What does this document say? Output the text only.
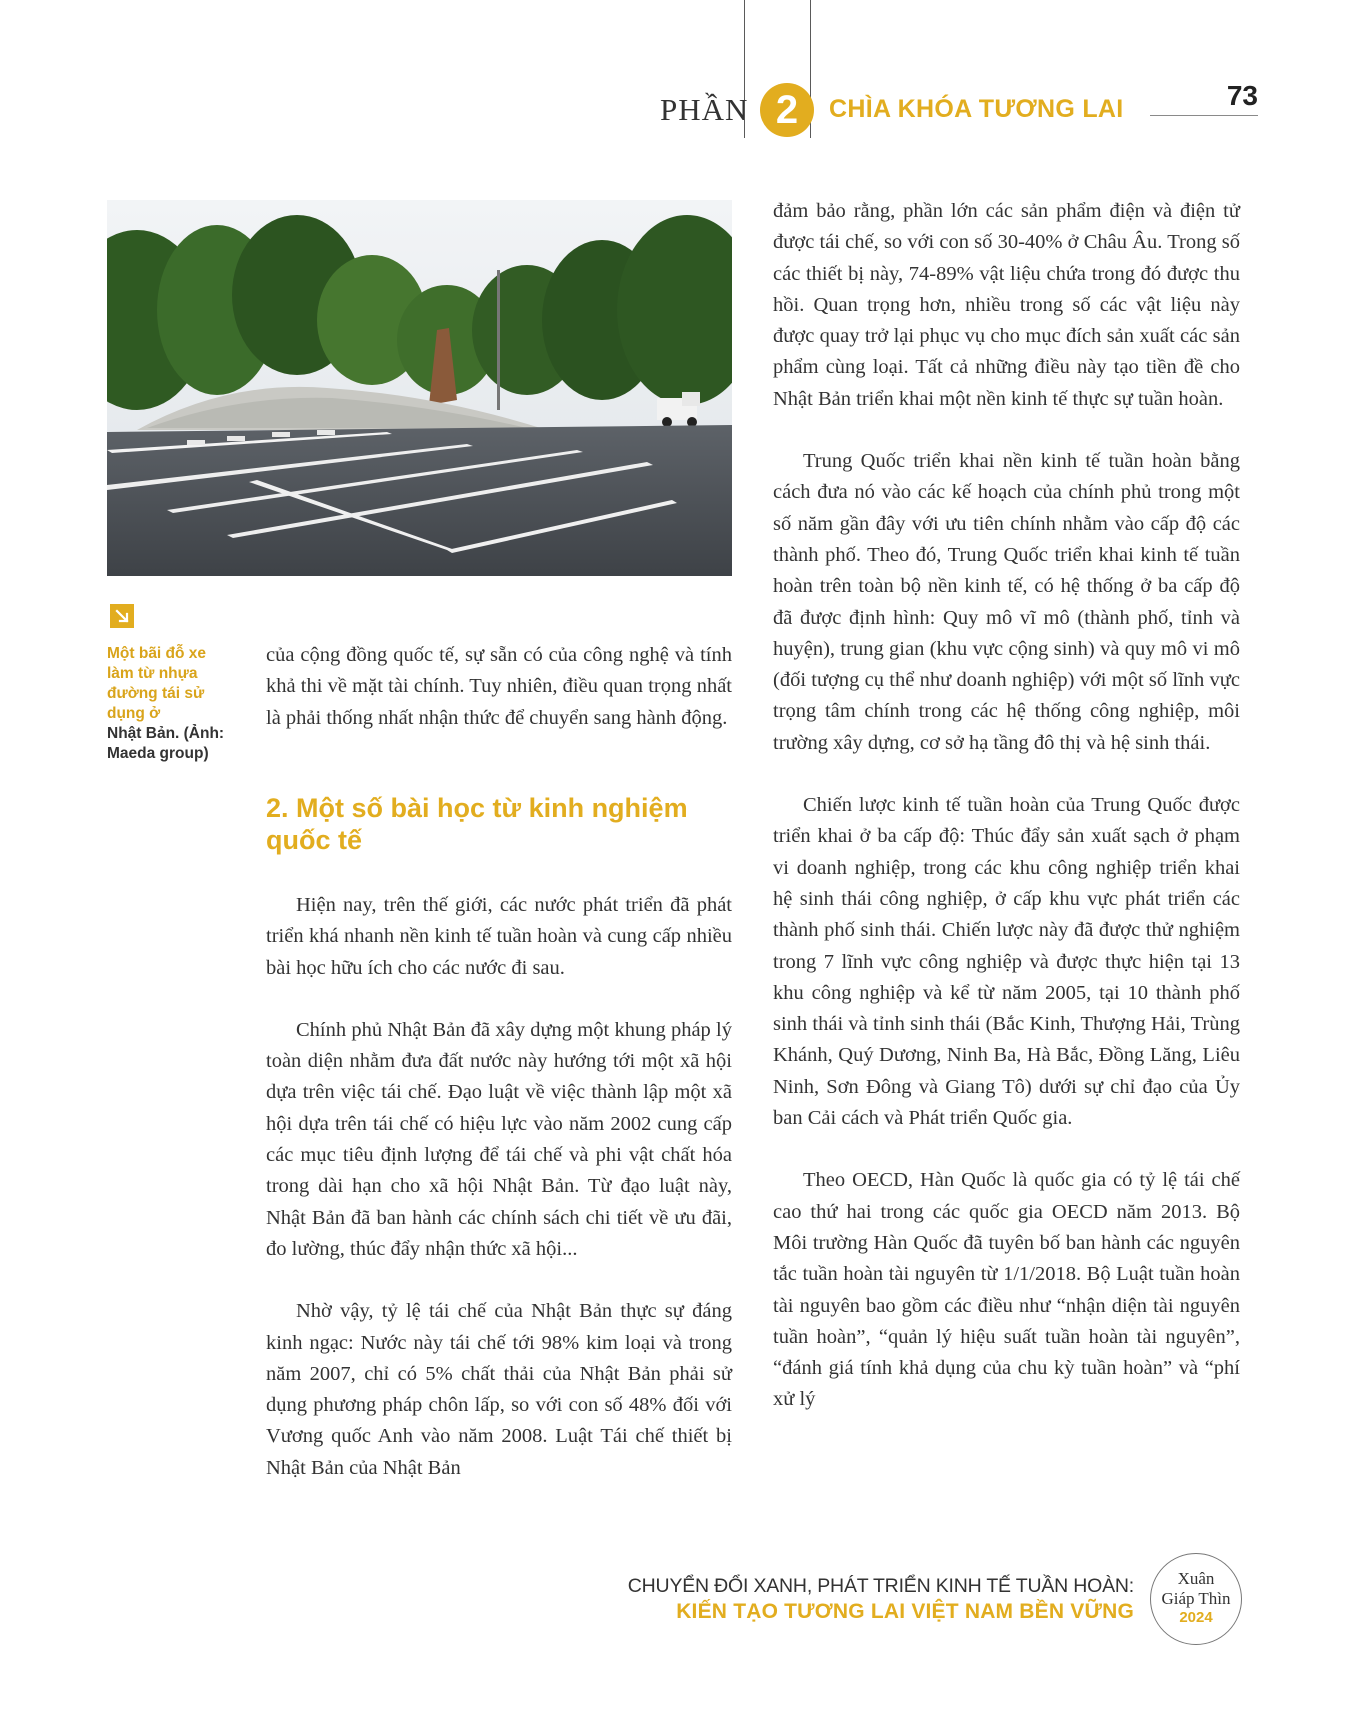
PHẦN 2	CHÌA KHÓA TƯƠNG LAI	73
Một bãi đỗ xe
làm từ nhựa
đường tái sử
dụng ở
Nhật Bản. (Ảnh:
Maeda group)

của cộng đồng quốc tế, sự sẵn có của công nghệ và tính khả thi về mặt tài chính. Tuy nhiên, điều quan trọng nhất là phải thống nhất nhận thức để chuyển sang hành động.

2. Một số bài học từ kinh nghiệm quốc tế

Hiện nay, trên thế giới, các nước phát triển đã phát triển khá nhanh nền kinh tế tuần hoàn và cung cấp nhiều bài học hữu ích cho các nước đi sau.

Chính phủ Nhật Bản đã xây dựng một khung pháp lý toàn diện nhằm đưa đất nước này hướng tới một xã hội dựa trên việc tái chế. Đạo luật về việc thành lập một xã hội dựa trên tái chế có hiệu lực vào năm 2002 cung cấp các mục tiêu định lượng để tái chế và phi vật chất hóa trong dài hạn cho xã hội Nhật Bản. Từ đạo luật này, Nhật Bản đã ban hành các chính sách chi tiết về ưu đãi, đo lường, thúc đẩy nhận thức xã hội...

Nhờ vậy, tỷ lệ tái chế của Nhật Bản thực sự đáng kinh ngạc: Nước này tái chế tới 98% kim loại và trong năm 2007, chỉ có 5% chất thải của Nhật Bản phải sử dụng phương pháp chôn lấp, so với con số 48% đối với Vương quốc Anh vào năm 2008. Luật Tái chế thiết bị Nhật Bản của Nhật Bản

đảm bảo rằng, phần lớn các sản phẩm điện và điện tử được tái chế, so với con số 30-40% ở Châu Âu. Trong số các thiết bị này, 74-89% vật liệu chứa trong đó được thu hồi. Quan trọng hơn, nhiều trong số các vật liệu này được quay trở lại phục vụ cho mục đích sản xuất các sản phẩm cùng loại. Tất cả những điều này tạo tiền đề cho Nhật Bản triển khai một nền kinh tế thực sự tuần hoàn.

Trung Quốc triển khai nền kinh tế tuần hoàn bằng cách đưa nó vào các kế hoạch của chính phủ trong một số năm gần đây với ưu tiên chính nhằm vào cấp độ các thành phố. Theo đó, Trung Quốc triển khai kinh tế tuần hoàn trên toàn bộ nền kinh tế, có hệ thống ở ba cấp độ đã được định hình: Quy mô vĩ mô (thành phố, tỉnh và huyện), trung gian (khu vực cộng sinh) và quy mô vi mô (đối tượng cụ thể như doanh nghiệp) với một số lĩnh vực trọng tâm chính trong các hệ thống công nghiệp, môi trường xây dựng, cơ sở hạ tầng đô thị và hệ sinh thái.

Chiến lược kinh tế tuần hoàn của Trung Quốc được triển khai ở ba cấp độ: Thúc đẩy sản xuất sạch ở phạm vi doanh nghiệp, trong các khu công nghiệp triển khai hệ sinh thái công nghiệp, ở cấp khu vực phát triển các thành phố sinh thái. Chiến lược này đã được thử nghiệm trong 7 lĩnh vực công nghiệp và được thực hiện tại 13 khu công nghiệp và kể từ năm 2005, tại 10 thành phố sinh thái và tỉnh sinh thái (Bắc Kinh, Thượng Hải, Trùng Khánh, Quý Dương, Ninh Ba, Hà Bắc, Đồng Lăng, Liêu Ninh, Sơn Đông và Giang Tô) dưới sự chỉ đạo của Ủy ban Cải cách và Phát triển Quốc gia.

Theo OECD, Hàn Quốc là quốc gia có tỷ lệ tái chế cao thứ hai trong các quốc gia OECD năm 2013. Bộ Môi trường Hàn Quốc đã tuyên bố ban hành các nguyên tắc tuần hoàn tài nguyên từ 1/1/2018. Bộ Luật tuần hoàn tài nguyên bao gồm các điều như “nhận diện tài nguyên tuần hoàn”, “quản lý hiệu suất tuần hoàn tài nguyên”, “đánh giá tính khả dụng của chu kỳ tuần hoàn” và “phí xử lý

CHUYỂN ĐỔI XANH, PHÁT TRIỂN KINH TẾ TUẦN HOÀN:
KIẾN TẠO TƯƠNG LAI VIỆT NAM BỀN VỮNG
Xuân
Giáp Thìn
2024
